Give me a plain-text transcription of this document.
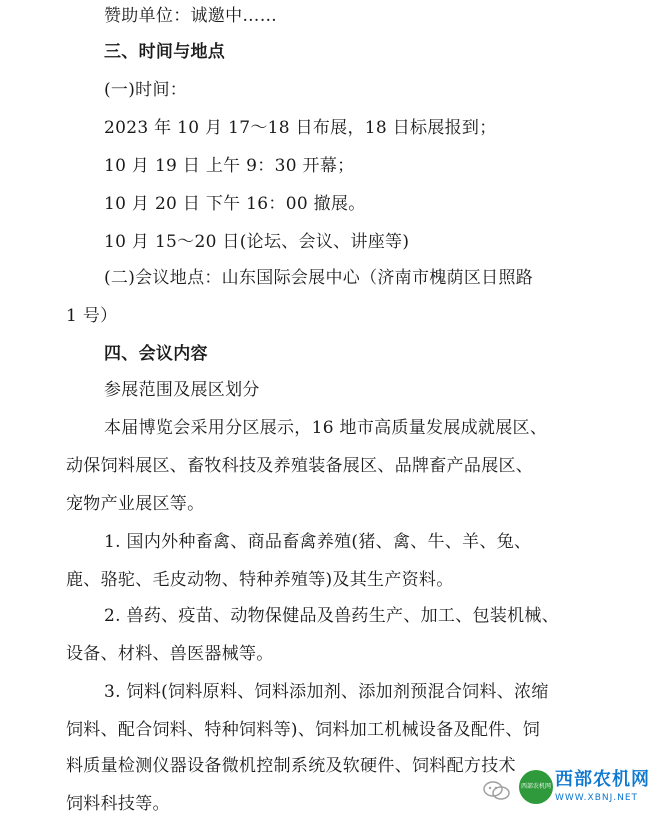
赞助单位：诚邀中……
三、时间与地点
(一)时间：
2023 年 10 月 17～18 日布展，18 日标展报到；
10 月 19 日 上午 9：30 开幕；
10 月 20 日 下午 16：00 撤展。
10 月 15～20 日(论坛、会议、讲座等)
(二)会议地点：山东国际会展中心（济南市槐荫区日照路
1 号）
四、会议内容
参展范围及展区划分
本届博览会采用分区展示，16 地市高质量发展成就展区、
动保饲料展区、畜牧科技及养殖装备展区、品牌畜产品展区、
宠物产业展区等。
1. 国内外种畜禽、商品畜禽养殖(猪、禽、牛、羊、兔、
鹿、骆驼、毛皮动物、特种养殖等)及其生产资料。
2. 兽药、疫苗、动物保健品及兽药生产、加工、包装机械、
设备、材料、兽医器械等。
3. 饲料(饲料原料、饲料添加剂、添加剂预混合饲料、浓缩
饲料、配合饲料、特种饲料等)、饲料加工机械设备及配件、饲
料质量检测仪器设备微机控制系统及软硬件、饲料配方技术
饲料科技等。
西部农机网 西部农机网
WWW.XBNJ.NET
